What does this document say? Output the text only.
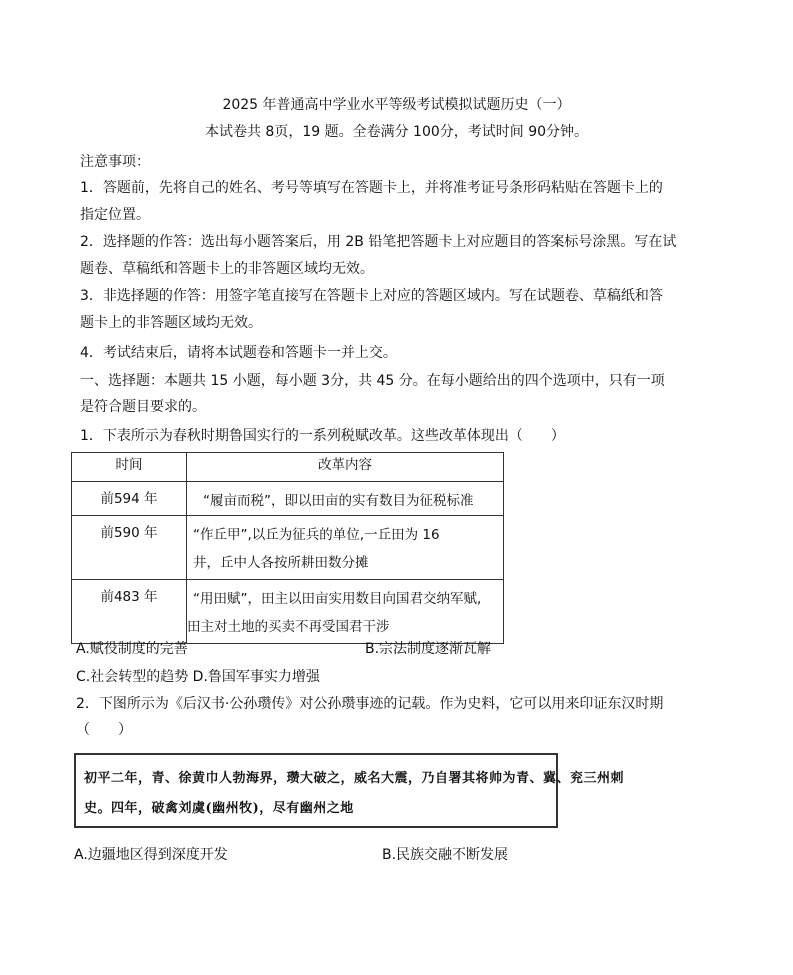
2025 年普通高中学业水平等级考试模拟试题历史（一）
本试卷共 8页，19 题。全卷满分 100分，考试时间 90分钟。
注意事项：
1．答题前，先将自己的姓名、考号等填写在答题卡上，并将准考证号条形码粘贴在答题卡上的
指定位置。
2．选择题的作答：选出每小题答案后，用 2B 铅笔把答题卡上对应题目的答案标号涂黑。写在试
题卷、草稿纸和答题卡上的非答题区域均无效。
3．非选择题的作答：用签字笔直接写在答题卡上对应的答题区域内。写在试题卷、草稿纸和答
题卡上的非答题区域均无效。
4．考试结束后，请将本试题卷和答题卡一并上交。
一、选择题：本题共 15 小题，每小题 3分，共 45 分。在每小题给出的四个选项中，只有一项
是符合题目要求的。
1．下表所示为春秋时期鲁国实行的一系列税赋改革。这些改革体现出（　　）
时间	改革内容
前594 年	“履亩而税”，即以田亩的实有数目为征税标准

前590 年	“作丘甲”,以丘为征兵的单位,一丘田为 16
井，丘中人各按所耕田数分摊

前483 年	“用田赋”，田主以田亩实用数目向国君交纳军赋,
田主对土地的买卖不再受国君干涉
A.赋役制度的完善	B.宗法制度逐渐瓦解
C.社会转型的趋势 D.鲁国军事实力增强
2．下图所示为《后汉书·公孙瓒传》对公孙瓒事迹的记载。作为史料，它可以用来印证东汉时期
（　　）
初平二年，青、徐黄巾人勃海界，瓒大破之，威名大震，乃自署其将帅为青、冀、兖三州刺
史。四年，破禽刘虞(幽州牧)，尽有幽州之地
A.边疆地区得到深度开发	B.民族交融不断发展
